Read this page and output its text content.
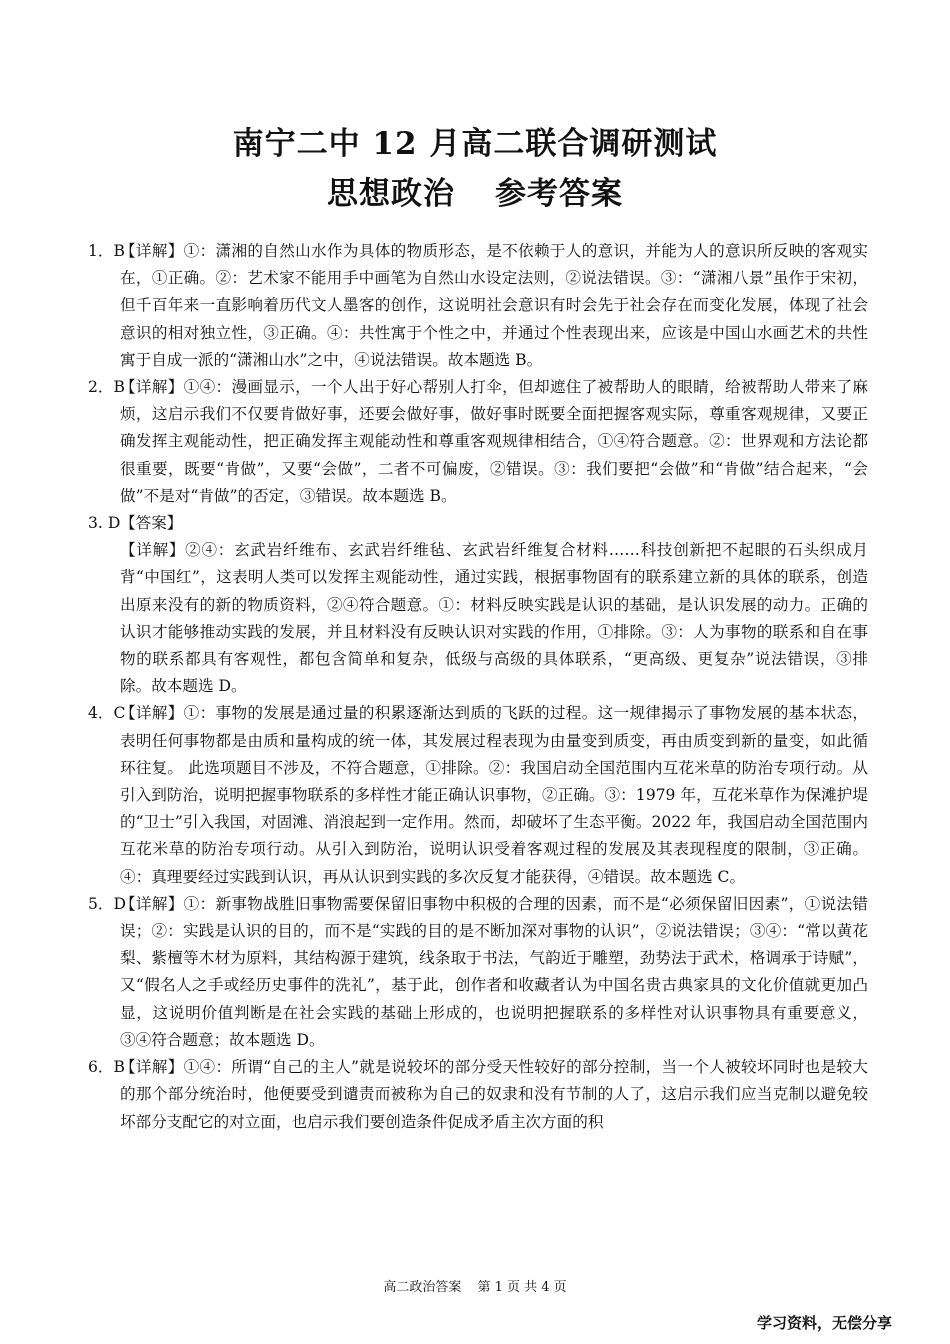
南宁二中 12 月高二联合调研测试
思想政治 参考答案
1．B
【详解】①：潇湘的自然山水作为具体的物质形态，是不依赖于人的意识，并能为人的意识所反映的客观实在，①正确。②：艺术家不能用手中画笔为自然山水设定法则，②说法错误。③：“潇湘八景”虽作于宋初，但千百年来一直影响着历代文人墨客的创作，这说明社会意识有时会先于社会存在而变化发展，体现了社会意识的相对独立性，③正确。④：共性寓于个性之中，并通过个性表现出来，应该是中国山水画艺术的共性寓于自成一派的“潇湘山水”之中，④说法错误。故本题选 B。
2．B
【详解】①④：漫画显示，一个人出于好心帮别人打伞，但却遮住了被帮助人的眼睛，给被帮助人带来了麻烦，这启示我们不仅要肯做好事，还要会做好事，做好事时既要全面把握客观实际，尊重客观规律，又要正确发挥主观能动性，把正确发挥主观能动性和尊重客观规律相结合，①④符合题意。②：世界观和方法论都很重要，既要“肯做”，又要“会做”，二者不可偏废，②错误。③：我们要把“会做”和“肯做”结合起来，“会做”不是对“肯做”的否定，③错误。故本题选 B。
3. D 【答案】
【详解】②④：玄武岩纤维布、玄武岩纤维毡、玄武岩纤维复合材料……科技创新把不起眼的石头织成月背“中国红”，这表明人类可以发挥主观能动性，通过实践，根据事物固有的联系建立新的具体的联系，创造出原来没有的新的物质资料，②④符合题意。①：材料反映实践是认识的基础，是认识发展的动力。正确的认识才能够推动实践的发展，并且材料没有反映认识对实践的作用，①排除。③：人为事物的联系和自在事物的联系都具有客观性，都包含简单和复杂，低级与高级的具体联系，“更高级、更复杂”说法错误，③排除。故本题选 D。
4．C
【详解】①：事物的发展是通过量的积累逐渐达到质的飞跃的过程。这一规律揭示了事物发展的基本状态，表明任何事物都是由质和量构成的统一体，其发展过程表现为由量变到质变，再由质变到新的量变，如此循环往复。 此选项题目不涉及，不符合题意，①排除。②：我国启动全国范围内互花米草的防治专项行动。从引入到防治，说明把握事物联系的多样性才能正确认识事物，②正确。③：1979 年，互花米草作为保滩护堤的“卫士”引入我国，对固滩、消浪起到一定作用。然而，却破坏了生态平衡。2022 年，我国启动全国范围内互花米草的防治专项行动。从引入到防治，说明认识受着客观过程的发展及其表现程度的限制，③正确。④：真理要经过实践到认识，再从认识到实践的多次反复才能获得，④错误。故本题选 C。
5．D
【详解】①：新事物战胜旧事物需要保留旧事物中积极的合理的因素，而不是“必须保留旧因素”，①说法错误；②：实践是认识的目的，而不是“实践的目的是不断加深对事物的认识”，②说法错误；③④：“常以黄花梨、紫檀等木材为原料，其结构源于建筑，线条取于书法，气韵近于雕塑，劲势法于武术，格调承于诗赋”，又“假名人之手或经历史事件的洗礼”，基于此，创作者和收藏者认为中国名贵古典家具的文化价值就更加凸显，这说明价值判断是在社会实践的基础上形成的，也说明把握联系的多样性对认识事物具有重要意义，③④符合题意；故本题选 D。
6．B
【详解】①④：所谓“自己的主人”就是说较坏的部分受天性较好的部分控制，当一个人被较坏同时也是较大的那个部分统治时，他便要受到谴责而被称为自己的奴隶和没有节制的人了，这启示我们应当克制以避免较坏部分支配它的对立面，也启示我们要创造条件促成矛盾主次方面的积
高二政治答案 第 1 页 共 4 页
学习资料，无偿分享
